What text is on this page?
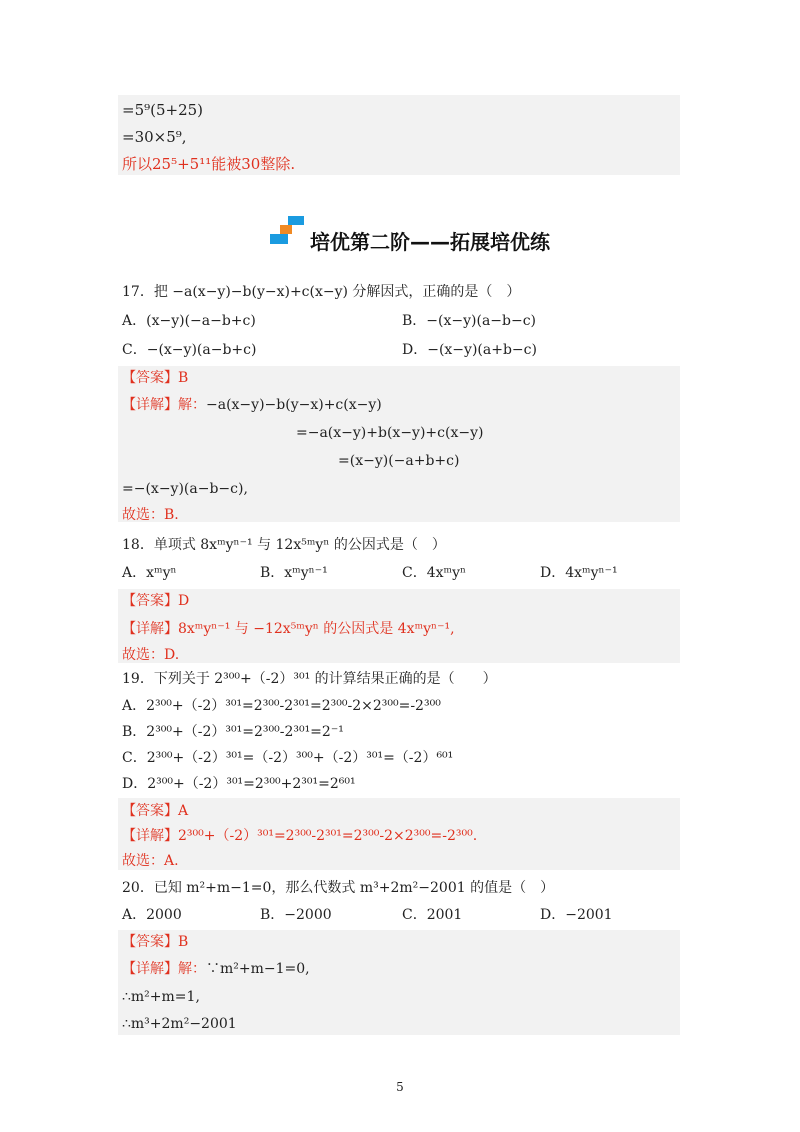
=5⁹(5+25)
=30×5⁹,
所以25⁵+5¹¹能被30整除.
培优第二阶——拓展培优练
17．把 −a(x−y)−b(y−x)+c(x−y) 分解因式，正确的是（　）
A．(x−y)(−a−b+c)	B．−(x−y)(a−b−c)
C．−(x−y)(a−b+c)	D．−(x−y)(a+b−c)
【答案】B
【详解】解：−a(x−y)−b(y−x)+c(x−y)
=−a(x−y)+b(x−y)+c(x−y)
=(x−y)(−a+b+c)
=−(x−y)(a−b−c),
故选：B.
18．单项式 8xᵐyⁿ⁻¹ 与 12x⁵ᵐyⁿ 的公因式是（　）
A．xᵐyⁿ	B．xᵐyⁿ⁻¹	C．4xᵐyⁿ	D．4xᵐyⁿ⁻¹
【答案】D
【详解】8xᵐyⁿ⁻¹ 与 −12x⁵ᵐyⁿ 的公因式是 4xᵐyⁿ⁻¹,
故选：D.
19．下列关于 2³⁰⁰+（-2）³⁰¹ 的计算结果正确的是（　　）
A．2³⁰⁰+（-2）³⁰¹=2³⁰⁰-2³⁰¹=2³⁰⁰-2×2³⁰⁰=-2³⁰⁰
B．2³⁰⁰+（-2）³⁰¹=2³⁰⁰-2³⁰¹=2⁻¹
C．2³⁰⁰+（-2）³⁰¹=（-2）³⁰⁰+（-2）³⁰¹=（-2）⁶⁰¹
D．2³⁰⁰+（-2）³⁰¹=2³⁰⁰+2³⁰¹=2⁶⁰¹
【答案】A
【详解】2³⁰⁰+（-2）³⁰¹=2³⁰⁰-2³⁰¹=2³⁰⁰-2×2³⁰⁰=-2³⁰⁰.
故选：A.
20．已知 m²+m−1=0，那么代数式 m³+2m²−2001 的值是（　）
A．2000	B．−2000	C．2001	D．−2001
【答案】B
【详解】解：∵m²+m−1=0,
∴m²+m=1,
∴m³+2m²−2001
5
